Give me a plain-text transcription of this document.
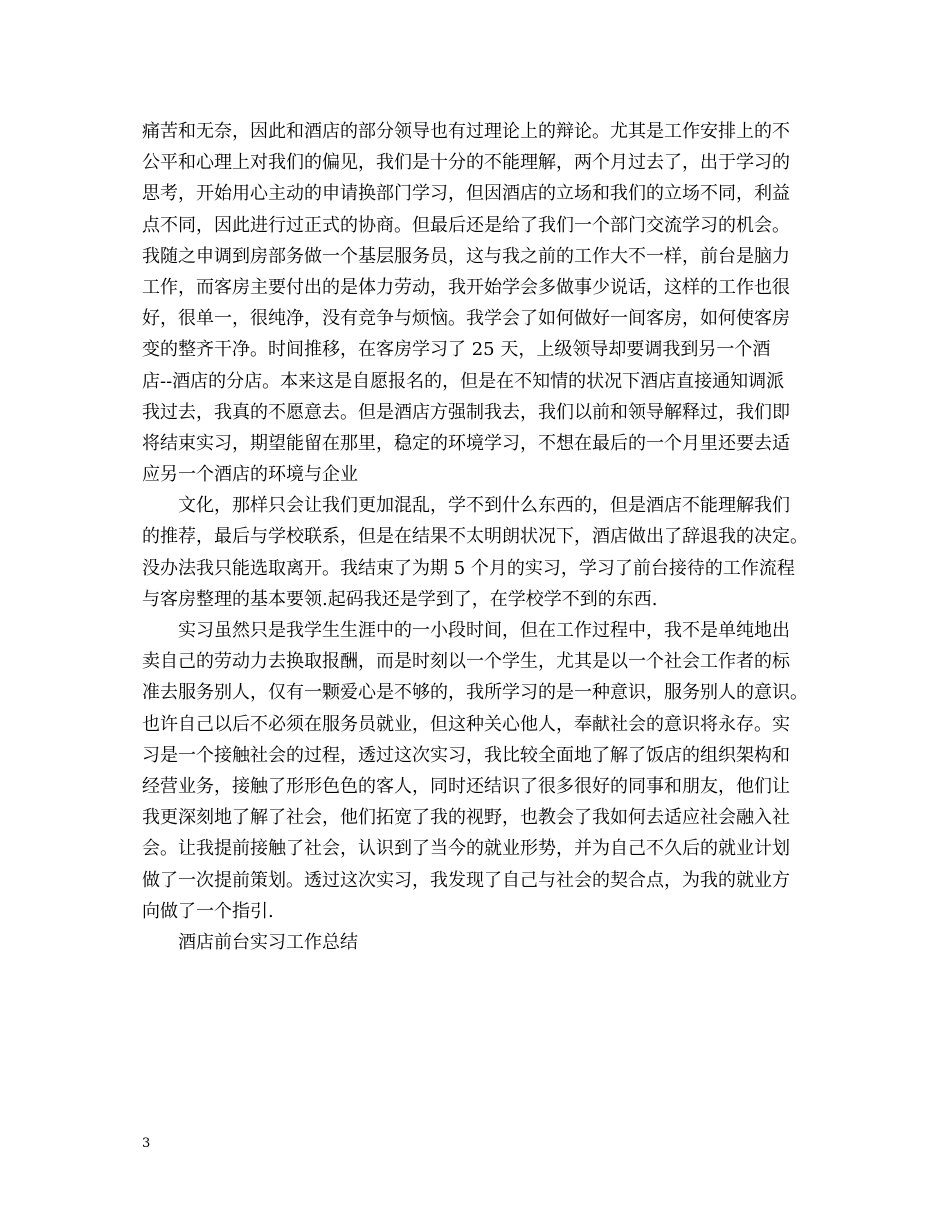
痛苦和无奈，因此和酒店的部分领导也有过理论上的辩论。尤其是工作安排上的不
公平和心理上对我们的偏见，我们是十分的不能理解，两个月过去了，出于学习的
思考，开始用心主动的申请换部门学习，但因酒店的立场和我们的立场不同，利益
点不同，因此进行过正式的协商。但最后还是给了我们一个部门交流学习的机会。
我随之申调到房部务做一个基层服务员，这与我之前的工作大不一样，前台是脑力
工作，而客房主要付出的是体力劳动，我开始学会多做事少说话，这样的工作也很
好，很单一，很纯净，没有竞争与烦恼。我学会了如何做好一间客房，如何使客房
变的整齐干净。时间推移，在客房学习了 25 天，上级领导却要调我到另一个酒
店--酒店的分店。本来这是自愿报名的，但是在不知情的状况下酒店直接通知调派
我过去，我真的不愿意去。但是酒店方强制我去，我们以前和领导解释过，我们即
将结束实习，期望能留在那里，稳定的环境学习，不想在最后的一个月里还要去适
应另一个酒店的环境与企业
文化，那样只会让我们更加混乱，学不到什么东西的，但是酒店不能理解我们
的推荐，最后与学校联系，但是在结果不太明朗状况下，酒店做出了辞退我的决定。
没办法我只能选取离开。我结束了为期 5 个月的实习，学习了前台接待的工作流程
与客房整理的基本要领.起码我还是学到了，在学校学不到的东西.
实习虽然只是我学生生涯中的一小段时间，但在工作过程中，我不是单纯地出
卖自己的劳动力去换取报酬，而是时刻以一个学生，尤其是以一个社会工作者的标
准去服务别人，仅有一颗爱心是不够的，我所学习的是一种意识，服务别人的意识。
也许自己以后不必须在服务员就业，但这种关心他人，奉献社会的意识将永存。实
习是一个接触社会的过程，透过这次实习，我比较全面地了解了饭店的组织架构和
经营业务，接触了形形色色的客人，同时还结识了很多很好的同事和朋友，他们让
我更深刻地了解了社会，他们拓宽了我的视野，也教会了我如何去适应社会融入社
会。让我提前接触了社会，认识到了当今的就业形势，并为自己不久后的就业计划
做了一次提前策划。透过这次实习，我发现了自己与社会的契合点，为我的就业方
向做了一个指引.
酒店前台实习工作总结
3
